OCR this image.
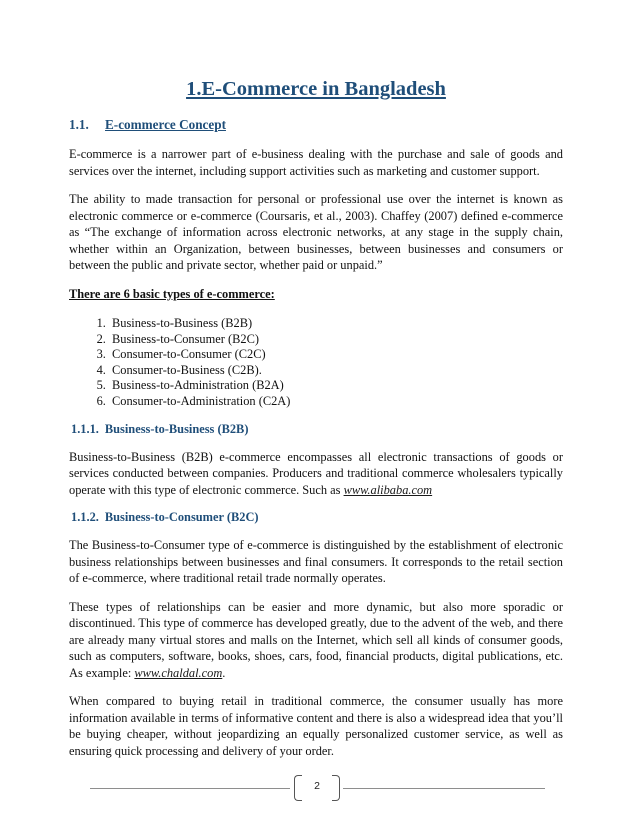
1.E-Commerce in Bangladesh
1.1. E-commerce Concept

E-commerce is a narrower part of e-business dealing with the purchase and sale of goods and services over the internet, including support activities such as marketing and customer support.

The ability to made transaction for personal or professional use over the internet is known as electronic commerce or e-commerce (Coursaris, et al., 2003). Chaffey (2007) defined e-commerce as “The exchange of information across electronic networks, at any stage in the supply chain, whether within an Organization, between businesses, between businesses and consumers or between the public and private sector, whether paid or unpaid.”

There are 6 basic types of e-commerce:

1. Business-to-Business (B2B)
2. Business-to-Consumer (B2C)
3. Consumer-to-Consumer (C2C)
4. Consumer-to-Business (C2B).
5. Business-to-Administration (B2A)
6. Consumer-to-Administration (C2A)
1.1.1. Business-to-Business (B2B)

Business-to-Business (B2B) e-commerce encompasses all electronic transactions of goods or services conducted between companies. Producers and traditional commerce wholesalers typically operate with this type of electronic commerce. Such as www.alibaba.com

1.1.2. Business-to-Consumer (B2C)

The Business-to-Consumer type of e-commerce is distinguished by the establishment of electronic business relationships between businesses and final consumers. It corresponds to the retail section of e-commerce, where traditional retail trade normally operates.

These types of relationships can be easier and more dynamic, but also more sporadic or discontinued. This type of commerce has developed greatly, due to the advent of the web, and there are already many virtual stores and malls on the Internet, which sell all kinds of consumer goods, such as computers, software, books, shoes, cars, food, financial products, digital publications, etc. As example: www.chaldal.com.

When compared to buying retail in traditional commerce, the consumer usually has more information available in terms of informative content and there is also a widespread idea that you’ll be buying cheaper, without jeopardizing an equally personalized customer service, as well as ensuring quick processing and delivery of your order.

2
